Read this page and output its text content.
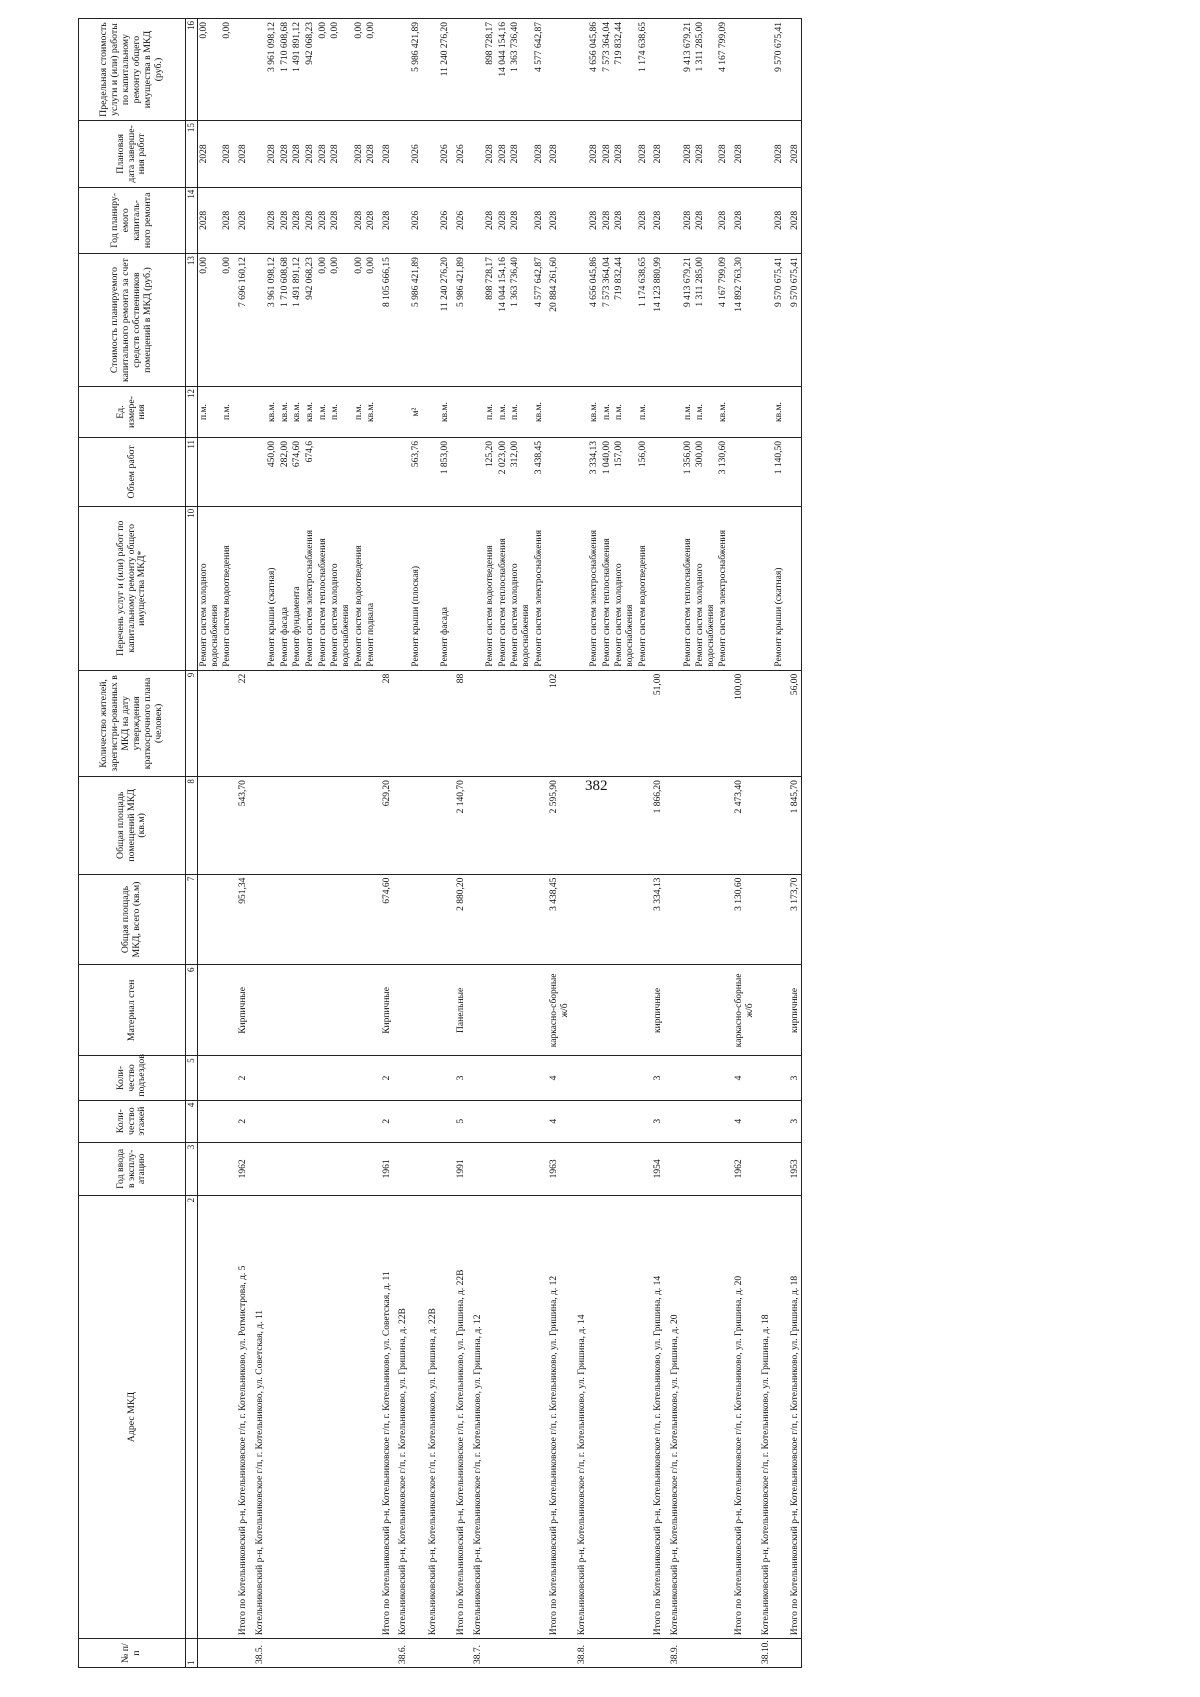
382
№ п/п	Адрес МКД	Год ввода в эксплу-атацию	Коли-чество этажей	Коли-чество подъездов	Материал стен	Общая площадь МКД, всего (кв.м)	Общая площадь помещений МКД (кв.м)	Количество жителей, зарегистри-рованных в МКД на дату утверждения краткосрочного плана (человек)	Перечень услуг и (или) работ по капитальному ремонту общего имущества МКД*	Объем работ	Ед. измере-ния	Стоимость планируемого капитального ремонта за счет средств собственников помещений в МКД (руб.)	Год планиру-емого капиталь-ного ремонта	Плановая дата заверше-ния работ	Предельная стоимость услуги и (или) работы по капитальному ремонту общего имущества в МКД (руб.)
1	2	3	4	5	6	7	8	9	10	11	12	13	14	15	16
									Ремонт систем холодного водоснабжения		п.м.	0,00	2028	2028	0,00
									Ремонт систем водоотведения		п.м.	0,00	2028	2028	0,00
	Итого по Котельниковский р-н, Котельниковское г/п, г. Котельниково, ул. Ротмистрова, д. 5	1962	2	2	Кирпичные	951,34	543,70	22				7 696 160,12	2028	2028	
38.5.	Котельниковский р-н, Котельниковское г/п, г. Котельниково, ул. Советская, д. 11														
									Ремонт крыши (скатная)	450,00	кв.м.	3 961 098,12	2028	2028	3 961 098,12
									Ремонт фасада	282,00	кв.м.	1 710 608,68	2028	2028	1 710 608,68
									Ремонт фундамента	674,60	кв.м.	1 491 891,12	2028	2028	1 491 891,12
									Ремонт систем электроснабжения	674,6	кв.м.	942 068,23	2028	2028	942 068,23
									Ремонт систем теплоснабжения		п.м.	0,00	2028	2028	0,00
									Ремонт систем холодного водоснабжения		п.м.	0,00	2028	2028	0,00
									Ремонт систем водоотведения		п.м.	0,00	2028	2028	0,00
									Ремонт подвала		кв.м.	0,00	2028	2028	0,00
	Итого по Котельниковский р-н, Котельниковское г/п, г. Котельниково, ул. Советская, д. 11	1961	2	2	Кирпичные	674,60	629,20	28				8 105 666,15	2028	2028	
38.6.	Котельниковский р-н, Котельниковское г/п, г. Котельниково, ул. Гришина, д. 22В														
									Ремонт крыши (плоская)	563,76	м²	5 986 421,89	2026	2026	5 986 421,89
	Котельниковский р-н, Котельниковское г/п, г. Котельниково, ул. Гришина, д. 22В														
									Ремонт фасада	1 853,00	кв.м.	11 240 276,20	2026	2026	11 240 276,20
	Итого по Котельниковский р-н, Котельниковское г/п, г. Котельниково, ул. Гришина, д. 22В	1991	5	3	Панельные	2 880,20	2 140,70	88				5 986 421,89	2026	2026	
38.7.	Котельниковский р-н, Котельниковское г/п, г. Котельниково, ул. Гришина, д. 12														
									Ремонт систем водоотведения	125,20	п.м.	898 728,17	2028	2028	898 728,17
									Ремонт систем теплоснабжения	2 023,00	п.м.	14 044 154,16	2028	2028	14 044 154,16
									Ремонт систем холодного водоснабжения	312,00	п.м.	1 363 736,40	2028	2028	1 363 736,40
									Ремонт систем электроснабжения	3 438,45	кв.м.	4 577 642,87	2028	2028	4 577 642,87
	Итого по Котельниковский р-н, Котельниковское г/п, г. Котельниково, ул. Гришина, д. 12	1963	4	4	каркасно-сборные ж/б	3 438,45	2 595,90	102				20 884 261,60	2028	2028	
38.8.	Котельниковский р-н, Котельниковское г/п, г. Котельниково, ул. Гришина, д. 14														
									Ремонт систем электроснабжения	3 334,13	кв.м.	4 656 045,86	2028	2028	4 656 045,86
									Ремонт систем теплоснабжения	1 040,00	п.м.	7 573 364,04	2028	2028	7 573 364,04
									Ремонт систем холодного водоснабжения	157,00	п.м.	719 832,44	2028	2028	719 832,44
									Ремонт систем водоотведения	156,00	п.м.	1 174 638,65	2028	2028	1 174 638,65
	Итого по Котельниковский р-н, Котельниковское г/п, г. Котельниково, ул. Гришина, д. 14	1954	3	3	кирпичные	3 334,13	1 866,20	51,00				14 123 880,99	2028	2028	
38.9.	Котельниковский р-н, Котельниковское г/п, г. Котельниково, ул. Гришина, д. 20														
									Ремонт систем теплоснабжения	1 356,00	п.м.	9 413 679,21	2028	2028	9 413 679,21
									Ремонт систем холодного водоснабжения	300,00	п.м.	1 311 285,00	2028	2028	1 311 285,00
									Ремонт систем электроснабжения	3 130,60	кв.м.	4 167 799,09	2028	2028	4 167 799,09
	Итого по Котельниковский р-н, Котельниковское г/п, г. Котельниково, ул. Гришина, д. 20	1962	4	4	каркасно-сборные ж/б	3 130,60	2 473,40	100,00				14 892 763,30	2028	2028	
38.10.	Котельниковский р-н, Котельниковское г/п, г. Котельниково, ул. Гришина, д. 18														
									Ремонт крыши (скатная)	1 140,50	кв.м.	9 570 675,41	2028	2028	9 570 675,41
	Итого по Котельниковский р-н, Котельниковское г/п, г. Котельниково, ул. Гришина, д. 18	1953	3	3	кирпичные	3 173,70	1 845,70	56,00				9 570 675,41	2028	2028	
